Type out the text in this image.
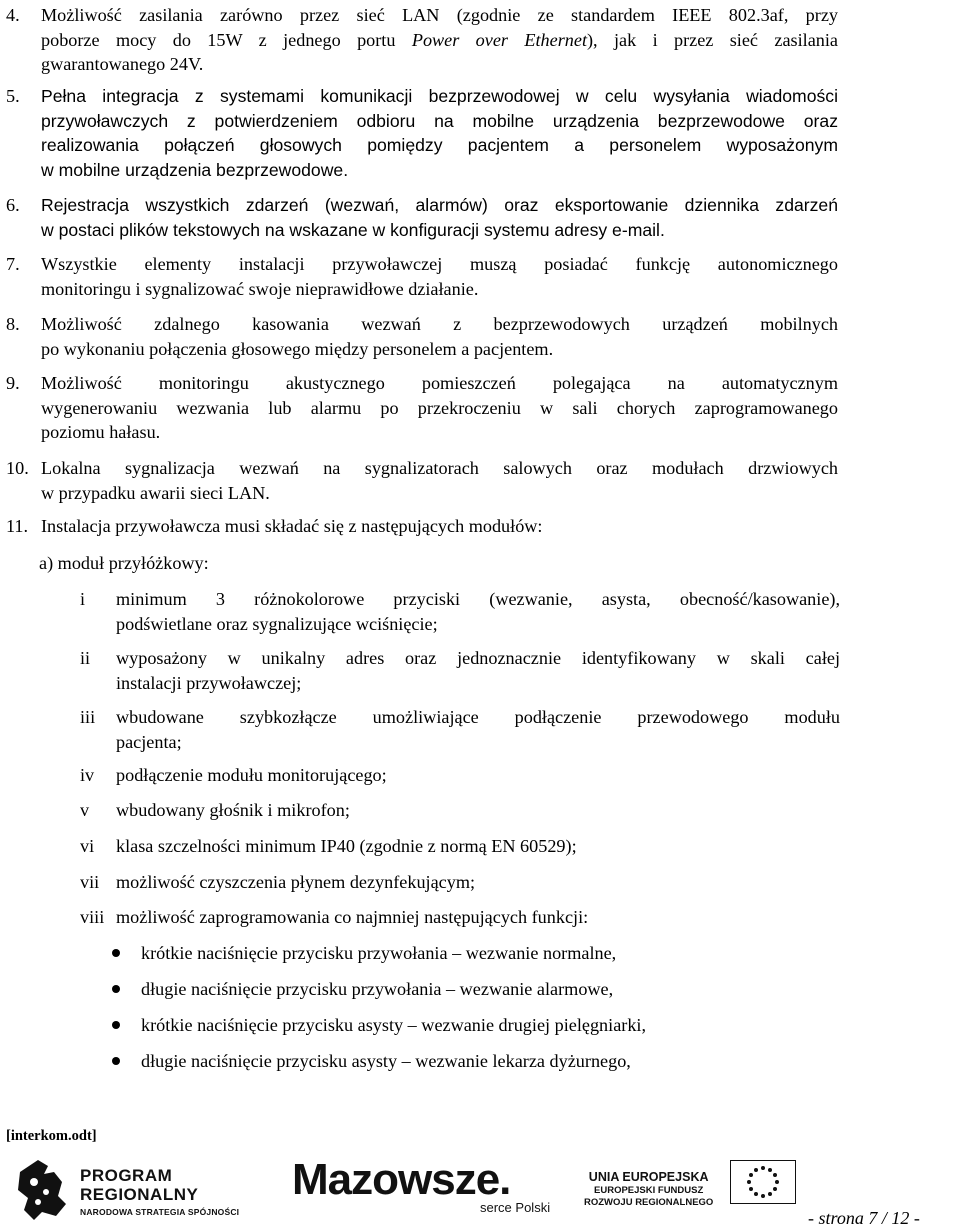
4. Możliwość zasilania zarówno przez sieć LAN (zgodnie ze standardem IEEE 802.3af, przy
poborze mocy do 15W z jednego portu Power over Ethernet), jak i przez sieć zasilania
gwarantowanego 24V.
5. Pełna integracja z systemami komunikacji bezprzewodowej w celu wysyłania wiadomości
przywoławczych z potwierdzeniem odbioru na mobilne urządzenia bezprzewodowe oraz
realizowania połączeń głosowych pomiędzy pacjentem a personelem wyposażonym
w mobilne urządzenia bezprzewodowe.
6. Rejestracja wszystkich zdarzeń (wezwań, alarmów) oraz eksportowanie dziennika zdarzeń
w postaci plików tekstowych na wskazane w konfiguracji systemu adresy e-mail.
7. Wszystkie elementy instalacji przywoławczej muszą posiadać funkcję autonomicznego
monitoringu i sygnalizować swoje nieprawidłowe działanie.
8. Możliwość zdalnego kasowania wezwań z bezprzewodowych urządzeń mobilnych
po wykonaniu połączenia głosowego między personelem a pacjentem.
9. Możliwość monitoringu akustycznego pomieszczeń polegająca na automatycznym
wygenerowaniu wezwania lub alarmu po przekroczeniu w sali chorych zaprogramowanego
poziomu hałasu.
10. Lokalna sygnalizacja wezwań na sygnalizatorach salowych oraz modułach drzwiowych
w przypadku awarii sieci LAN.
11. Instalacja przywoławcza musi składać się z następujących modułów:
a) moduł przyłóżkowy:
i minimum 3 różnokolorowe przyciski (wezwanie, asysta, obecność/kasowanie),
podświetlane oraz sygnalizujące wciśnięcie;
ii wyposażony w unikalny adres oraz jednoznacznie identyfikowany w skali całej
instalacji przywoławczej;
iii wbudowane szybkozłącze umożliwiające podłączenie przewodowego modułu
pacjenta;
iv podłączenie modułu monitorującego;
v wbudowany głośnik i mikrofon;
vi klasa szczelności minimum IP40 (zgodnie z normą EN 60529);
vii możliwość czyszczenia płynem dezynfekującym;
viii możliwość zaprogramowania co najmniej następujących funkcji:
krótkie naciśnięcie przycisku przywołania – wezwanie normalne,
długie naciśnięcie przycisku przywołania – wezwanie alarmowe,
krótkie naciśnięcie przycisku asysty – wezwanie drugiej pielęgniarki,
długie naciśnięcie przycisku asysty – wezwanie lekarza dyżurnego,
[interkom.odt]
PROGRAM
REGIONALNY
NARODOWA STRATEGIA SPÓJNOŚCI
Mazowsze.
serce Polski
UNIA EUROPEJSKA
EUROPEJSKI FUNDUSZ
ROZWOJU REGIONALNEGO
- strona 7 / 12 -
